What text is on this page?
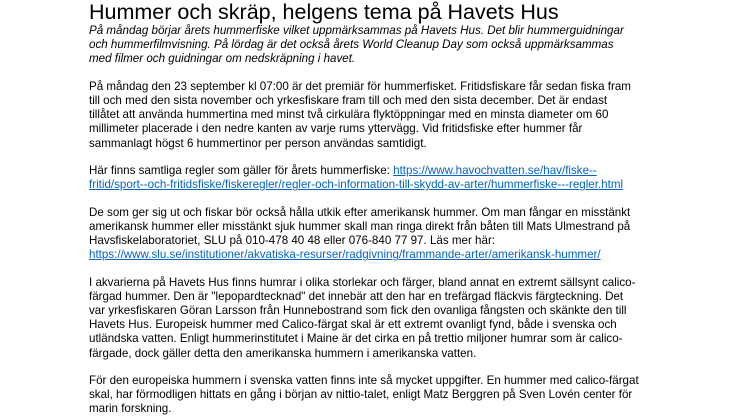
Hummer och skräp, helgens tema på Havets Hus

På måndag börjar årets hummerfiske vilket uppmärksammas på Havets Hus. Det blir hummerguidningar
och hummerfilmvisning. På lördag är det också årets World Cleanup Day som också uppmärksammas
med filmer och guidningar om nedskräpning i havet.

På måndag den 23 september kl 07:00 är det premiär för hummerfisket. Fritidsfiskare får sedan fiska fram
till och med den sista november och yrkesfiskare fram till och med den sista december. Det är endast
tillåtet att använda hummertina med minst två cirkulära flyktöppningar med en minsta diameter om 60
millimeter placerade i den nedre kanten av varje rums yttervägg. Vid fritidsfiske efter hummer får
sammanlagt högst 6 hummertinor per person användas samtidigt.

Här finns samtliga regler som gäller för årets hummerfiske: https://www.havochvatten.se/hav/fiske--
fritid/sport--och-fritidsfiske/fiskeregler/regler-och-information-till-skydd-av-arter/hummerfiske---regler.html

De som ger sig ut och fiskar bör också hålla utkik efter amerikansk hummer. Om man fångar en misstänkt
amerikansk hummer eller misstänkt sjuk hummer skall man ringa direkt från båten till Mats Ulmestrand på
Havsfiskelaboratoriet, SLU på 010-478 40 48 eller 076-840 77 97. Läs mer här:
https://www.slu.se/institutioner/akvatiska-resurser/radgivning/frammande-arter/amerikansk-hummer/

I akvarierna på Havets Hus finns humrar i olika storlekar och färger, bland annat en extremt sällsynt calico-
färgad hummer. Den är "lepopardtecknad" det innebär att den har en trefärgad fläckvis färgteckning. Det
var yrkesfiskaren Göran Larsson från Hunnebostrand som fick den ovanliga fångsten och skänkte den till
Havets Hus. Europeisk hummer med Calico-färgat skal är ett extremt ovanligt fynd, både i svenska och
utländska vatten. Enligt hummerinstitutet i Maine är det cirka en på trettio miljoner humrar som är calico-
färgade, dock gäller detta den amerikanska hummern i amerikanska vatten.

För den europeiska hummern i svenska vatten finns inte så mycket uppgifter. En hummer med calico-färgat
skal, har förmodligen hittats en gång i början av nittio-talet, enligt Matz Berggren på Sven Lovén center för
marin forskning.
